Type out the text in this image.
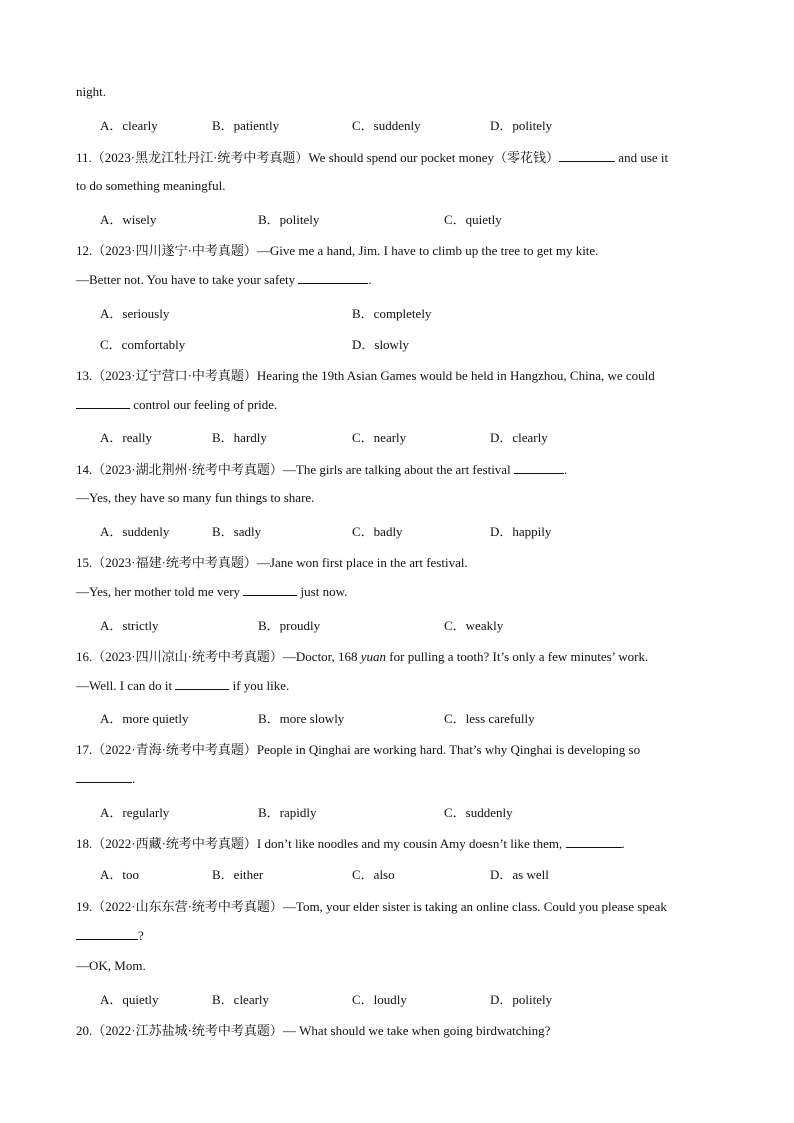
night.
A．clearly	B．patiently	C．suddenly	D．politely
11.（2023·黑龙江牡丹江·统考中考真题）We should spend our pocket money（零花钱）	and use it
to do something meaningful.
A．wisely	B．politely	C．quietly
12.（2023·四川遂宁·中考真题）—Give me a hand, Jim. I have to climb up the tree to get my kite.
—Better not. You have to take your safety	.
A．seriously	B．completely
C．comfortably	D．slowly
13.（2023·辽宁营口·中考真题）Hearing the 19th Asian Games would be held in Hangzhou, China, we could
control our feeling of pride.
A．really	B．hardly	C．nearly	D．clearly
14.（2023·湖北荆州·统考中考真题）—The girls are talking about the art festival	.
—Yes, they have so many fun things to share.
A．suddenly	B．sadly	C．badly	D．happily
15.（2023·福建·统考中考真题）—Jane won first place in the art festival.
—Yes, her mother told me very	just now.
A．strictly	B．proudly	C．weakly
16.（2023·四川凉山·统考中考真题）—Doctor, 168 yuan for pulling a tooth? It’s only a few minutes’ work.
—Well. I can do it	if you like.
A．more quietly	B．more slowly	C．less carefully
17.（2022·青海·统考中考真题）People in Qinghai are working hard. That’s why Qinghai is developing so
.
A．regularly	B．rapidly	C．suddenly
18.（2022·西藏·统考中考真题）I don’t like noodles and my cousin Amy doesn’t like them,	.
A．too	B．either	C．also	D．as well
19.（2022·山东东营·统考中考真题）—Tom, your elder sister is taking an online class. Could you please speak
?
—OK, Mom.
A．quietly	B．clearly	C．loudly	D．politely
20.（2022·江苏盐城·统考中考真题）— What should we take when going birdwatching?
